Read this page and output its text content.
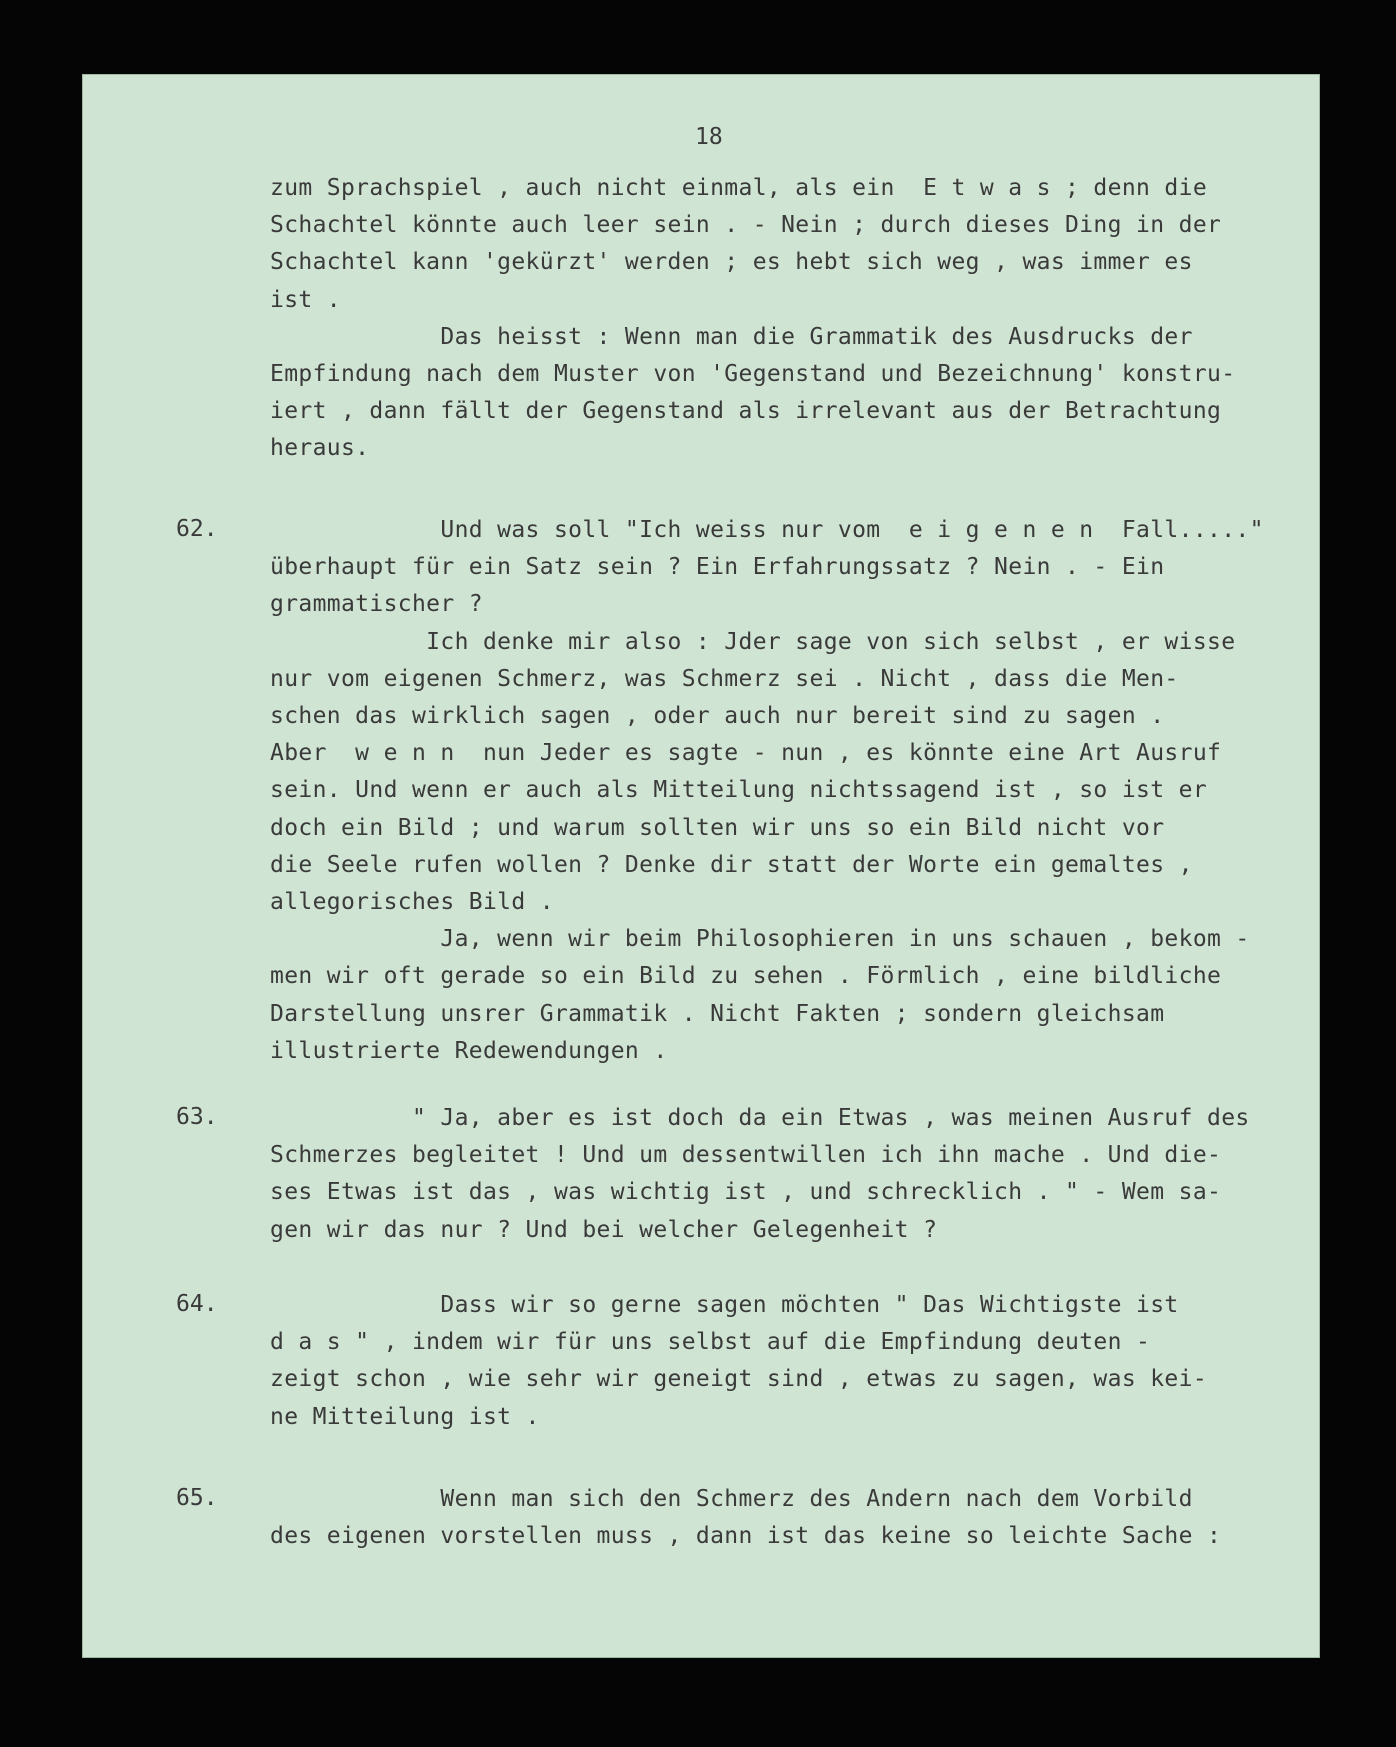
18
zum Sprachspiel , auch nicht einmal, als ein  E t w a s ; denn die
Schachtel könnte auch leer sein . - Nein ; durch dieses Ding in der
Schachtel kann 'gekürzt' werden ; es hebt sich weg , was immer es
ist .
Das heisst : Wenn man die Grammatik des Ausdrucks der
Empfindung nach dem Muster von 'Gegenstand und Bezeichnung' konstru-
iert , dann fällt der Gegenstand als irrelevant aus der Betrachtung
heraus.
62. Und was soll "Ich weiss nur vom  e i g e n e n  Fall....."
überhaupt für ein Satz sein ? Ein Erfahrungssatz ? Nein . - Ein
grammatischer ?
Ich denke mir also : Jder sage von sich selbst , er wisse
nur vom eigenen Schmerz, was Schmerz sei . Nicht , dass die Men-
schen das wirklich sagen , oder auch nur bereit sind zu sagen .
Aber  w e n n  nun Jeder es sagte - nun , es könnte eine Art Ausruf
sein. Und wenn er auch als Mitteilung nichtssagend ist , so ist er
doch ein Bild ; und warum sollten wir uns so ein Bild nicht vor
die Seele rufen wollen ? Denke dir statt der Worte ein gemaltes ,
allegorisches Bild .
Ja, wenn wir beim Philosophieren in uns schauen , bekom -
men wir oft gerade so ein Bild zu sehen . Förmlich , eine bildliche
Darstellung unsrer Grammatik . Nicht Fakten ; sondern gleichsam
illustrierte Redewendungen .
63. " Ja, aber es ist doch da ein Etwas , was meinen Ausruf des
Schmerzes begleitet ! Und um dessentwillen ich ihn mache . Und die-
ses Etwas ist das , was wichtig ist , und schrecklich . " - Wem sa-
gen wir das nur ? Und bei welcher Gelegenheit ?
64. Dass wir so gerne sagen möchten " Das Wichtigste ist
d a s " , indem wir für uns selbst auf die Empfindung deuten -
zeigt schon , wie sehr wir geneigt sind , etwas zu sagen, was kei-
ne Mitteilung ist .
65. Wenn man sich den Schmerz des Andern nach dem Vorbild
des eigenen vorstellen muss , dann ist das keine so leichte Sache :
